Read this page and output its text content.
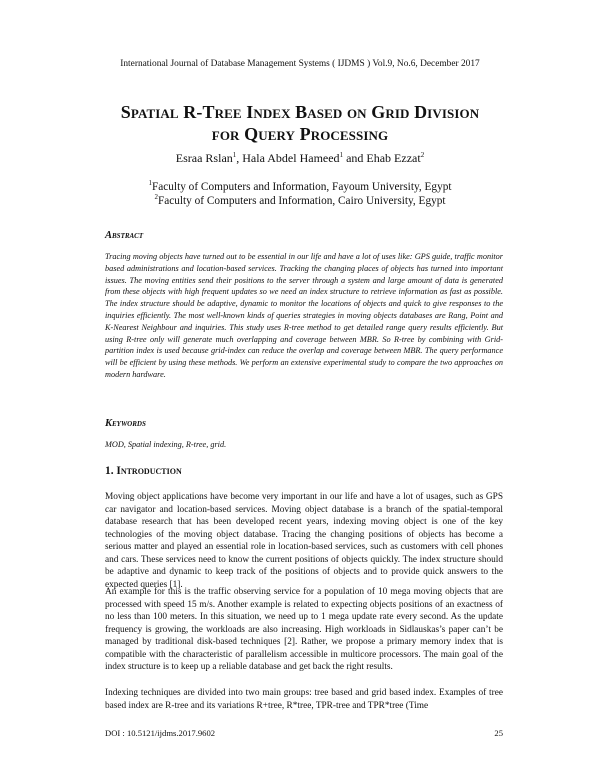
International Journal of Database Management Systems ( IJDMS ) Vol.9, No.6, December 2017
Spatial R-Tree Index Based on Grid Division
for Query Processing
Esraa Rslan$^1$, Hala Abdel Hameed$^1$ and Ehab Ezzat$^2$
$^1$Faculty of Computers and Information, Fayoum University, Egypt
$^2$Faculty of Computers and Information, Cairo University, Egypt
Abstract
Tracing moving objects have turned out to be essential in our life and have a lot of uses like: GPS guide, traffic monitor based administrations and location-based services. Tracking the changing places of objects has turned into important issues. The moving entities send their positions to the server through a system and large amount of data is generated from these objects with high frequent updates so we need an index structure to retrieve information as fast as possible. The index structure should be adaptive, dynamic to monitor the locations of objects and quick to give responses to the inquiries efficiently. The most well-known kinds of queries strategies in moving objects databases are Rang, Point and K-Nearest Neighbour and inquiries. This study uses R-tree method to get detailed range query results efficiently. But using R-tree only will generate much overlapping and coverage between MBR. So R-tree by combining with Grid-partition index is used because grid-index can reduce the overlap and coverage between MBR. The query performance will be efficient by using these methods. We perform an extensive experimental study to compare the two approaches on modern hardware.
Keywords
MOD, Spatial indexing, R-tree, grid.
1. Introduction
Moving object applications have become very important in our life and have a lot of usages, such as GPS car navigator and location-based services. Moving object database is a branch of the spatial-temporal database research that has been developed recent years, indexing moving object is one of the key technologies of the moving object database. Tracing the changing positions of objects has become a serious matter and played an essential role in location-based services, such as customers with cell phones and cars. These services need to know the current positions of objects quickly. The index structure should be adaptive and dynamic to keep track of the positions of objects and to provide quick answers to the expected queries [1].
An example for this is the traffic observing service for a population of 10 mega moving objects that are processed with speed 15 m/s. Another example is related to expecting objects positions of an exactness of no less than 100 meters. In this situation, we need up to 1 mega update rate every second. As the update frequency is growing, the workloads are also increasing. High workloads in Sidlauskas’s paper can’t be managed by traditional disk-based techniques [2]. Rather, we propose a primary memory index that is compatible with the characteristic of parallelism accessible in multicore processors. The main goal of the index structure is to keep up a reliable database and get back the right results.
Indexing techniques are divided into two main groups: tree based and grid based index. Examples of tree based index are R-tree and its variations R+tree, R*tree, TPR-tree and TPR*tree (Time
DOI : 10.5121/ijdms.2017.9602	25
